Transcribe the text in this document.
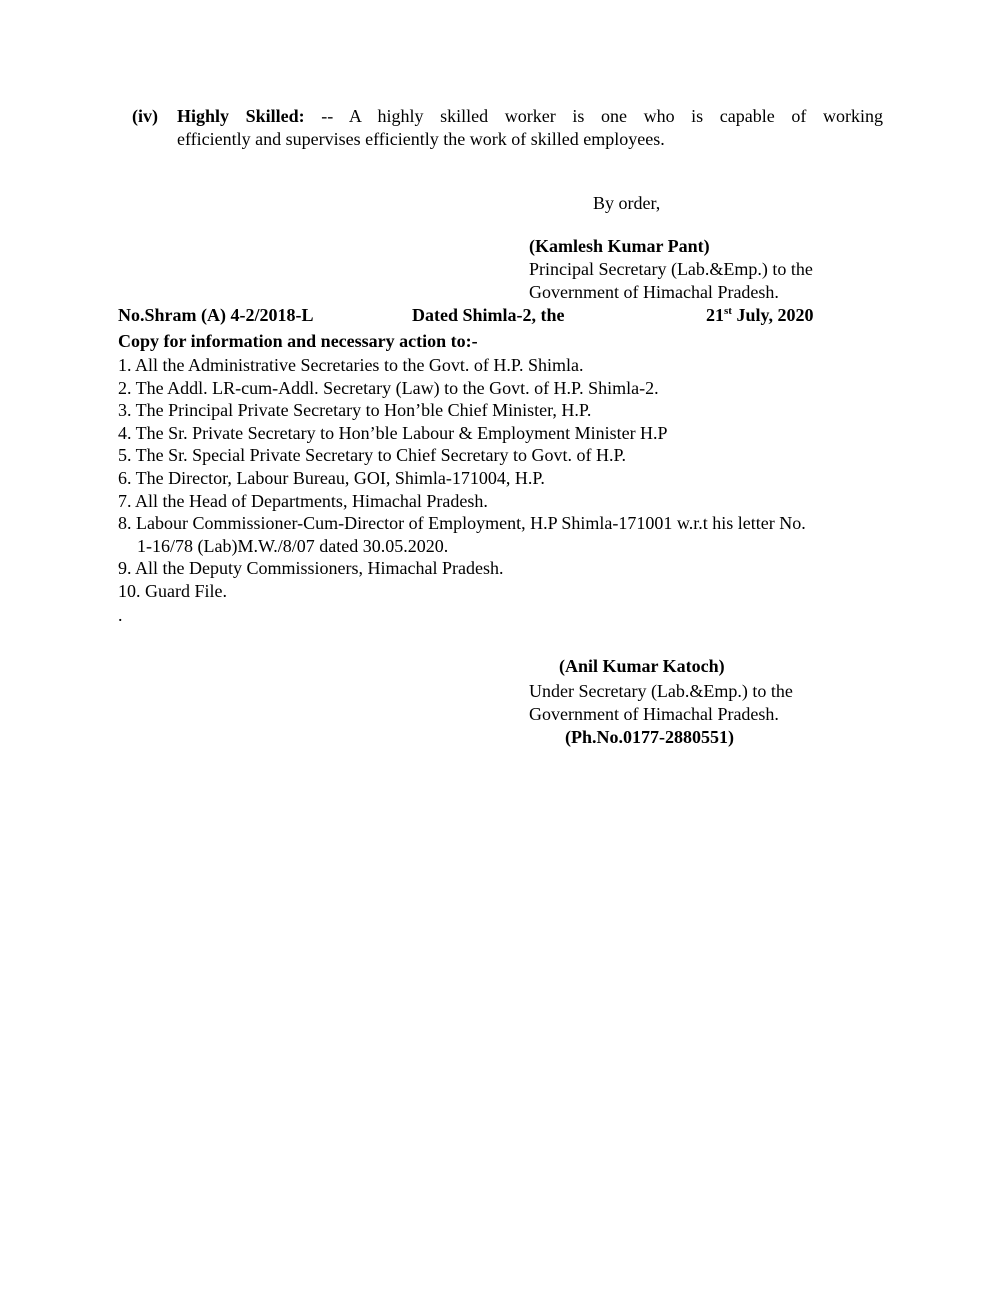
(iv) Highly Skilled: -- A highly skilled worker is one who is capable of working
efficiently and supervises efficiently the work of skilled employees.
By order,
(Kamlesh Kumar Pant)
Principal Secretary (Lab.&Emp.) to the
Government of Himachal Pradesh.
No.Shram (A) 4-2/2018-L	Dated Shimla-2, the	21st July, 2020
Copy for information and necessary action to:-
1. All the Administrative Secretaries to the Govt. of H.P. Shimla.
2. The Addl. LR-cum-Addl. Secretary (Law) to the Govt. of H.P. Shimla-2.
3. The Principal Private Secretary to Hon’ble Chief Minister, H.P.
4. The Sr. Private Secretary to Hon’ble Labour & Employment Minister H.P
5. The Sr. Special Private Secretary to Chief Secretary to Govt. of H.P.
6. The Director, Labour Bureau, GOI, Shimla-171004, H.P.
7. All the Head of Departments, Himachal Pradesh.
8. Labour Commissioner-Cum-Director of Employment, H.P Shimla-171001 w.r.t his letter No.
1-16/78 (Lab)M.W./8/07 dated 30.05.2020.
9. All the Deputy Commissioners, Himachal Pradesh.
10. Guard File.
.
(Anil Kumar Katoch)
Under Secretary (Lab.&Emp.) to the
Government of Himachal Pradesh.
(Ph.No.0177-2880551)
